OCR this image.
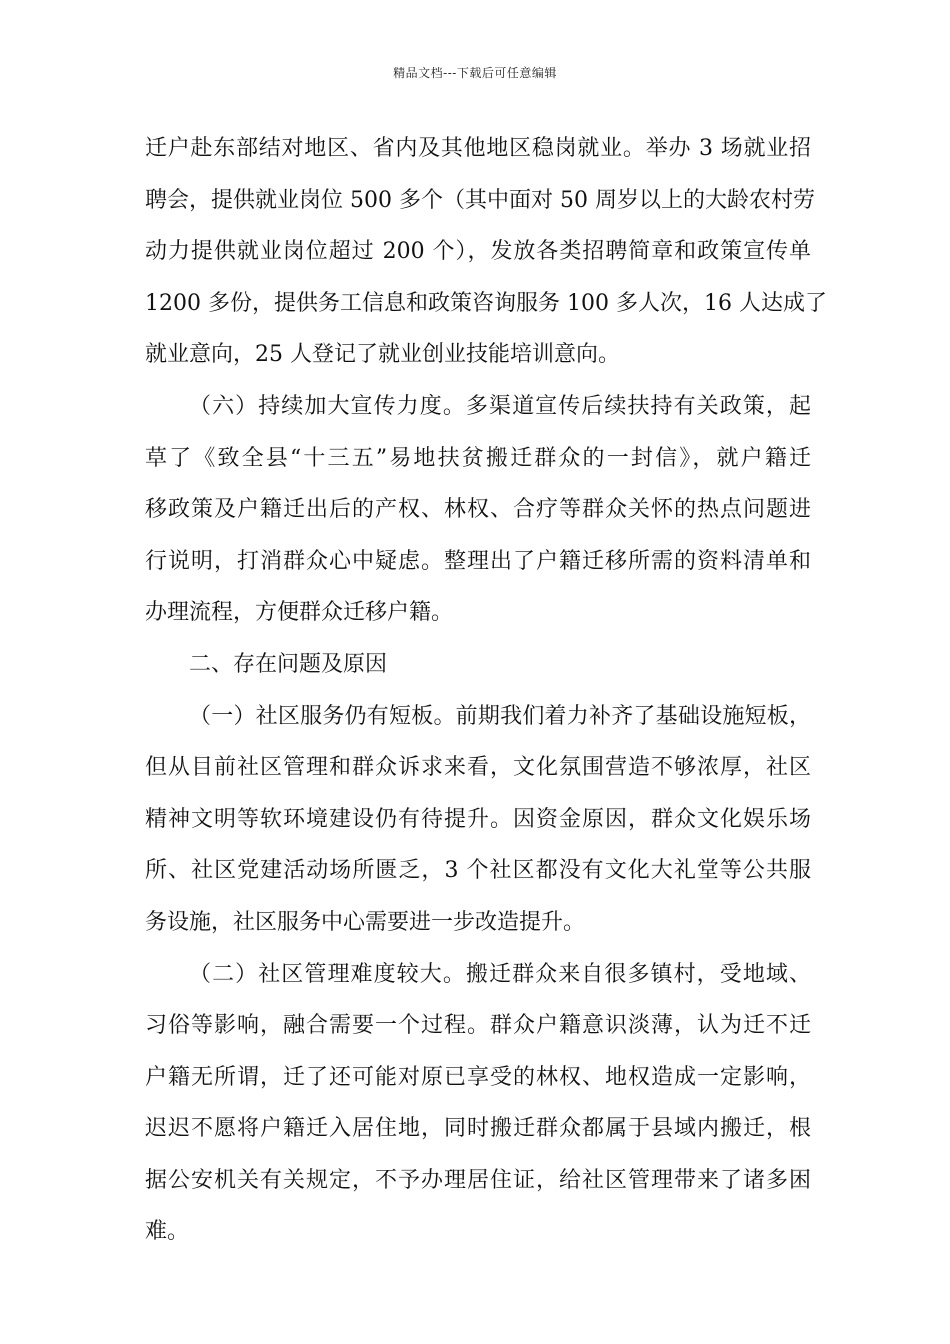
精品文档---下载后可任意编辑
迁户赴东部结对地区、省内及其他地区稳岗就业。举办 3 场就业招
聘会，提供就业岗位 500 多个（其中面对 50 周岁以上的大龄农村劳
动力提供就业岗位超过 200 个），发放各类招聘简章和政策宣传单
1200 多份，提供务工信息和政策咨询服务 100 多人次，16 人达成了
就业意向，25 人登记了就业创业技能培训意向。
（六）持续加大宣传力度。多渠道宣传后续扶持有关政策，起
草了《致全县“十三五”易地扶贫搬迁群众的一封信》，就户籍迁
移政策及户籍迁出后的产权、林权、合疗等群众关怀的热点问题进
行说明，打消群众心中疑虑。整理出了户籍迁移所需的资料清单和
办理流程，方便群众迁移户籍。
二、存在问题及原因
（一）社区服务仍有短板。前期我们着力补齐了基础设施短板，
但从目前社区管理和群众诉求来看，文化氛围营造不够浓厚，社区
精神文明等软环境建设仍有待提升。因资金原因，群众文化娱乐场
所、社区党建活动场所匮乏，3 个社区都没有文化大礼堂等公共服
务设施，社区服务中心需要进一步改造提升。
（二）社区管理难度较大。搬迁群众来自很多镇村，受地域、
习俗等影响，融合需要一个过程。群众户籍意识淡薄，认为迁不迁
户籍无所谓，迁了还可能对原已享受的林权、地权造成一定影响，
迟迟不愿将户籍迁入居住地，同时搬迁群众都属于县域内搬迁，根
据公安机关有关规定，不予办理居住证，给社区管理带来了诸多困
难。
